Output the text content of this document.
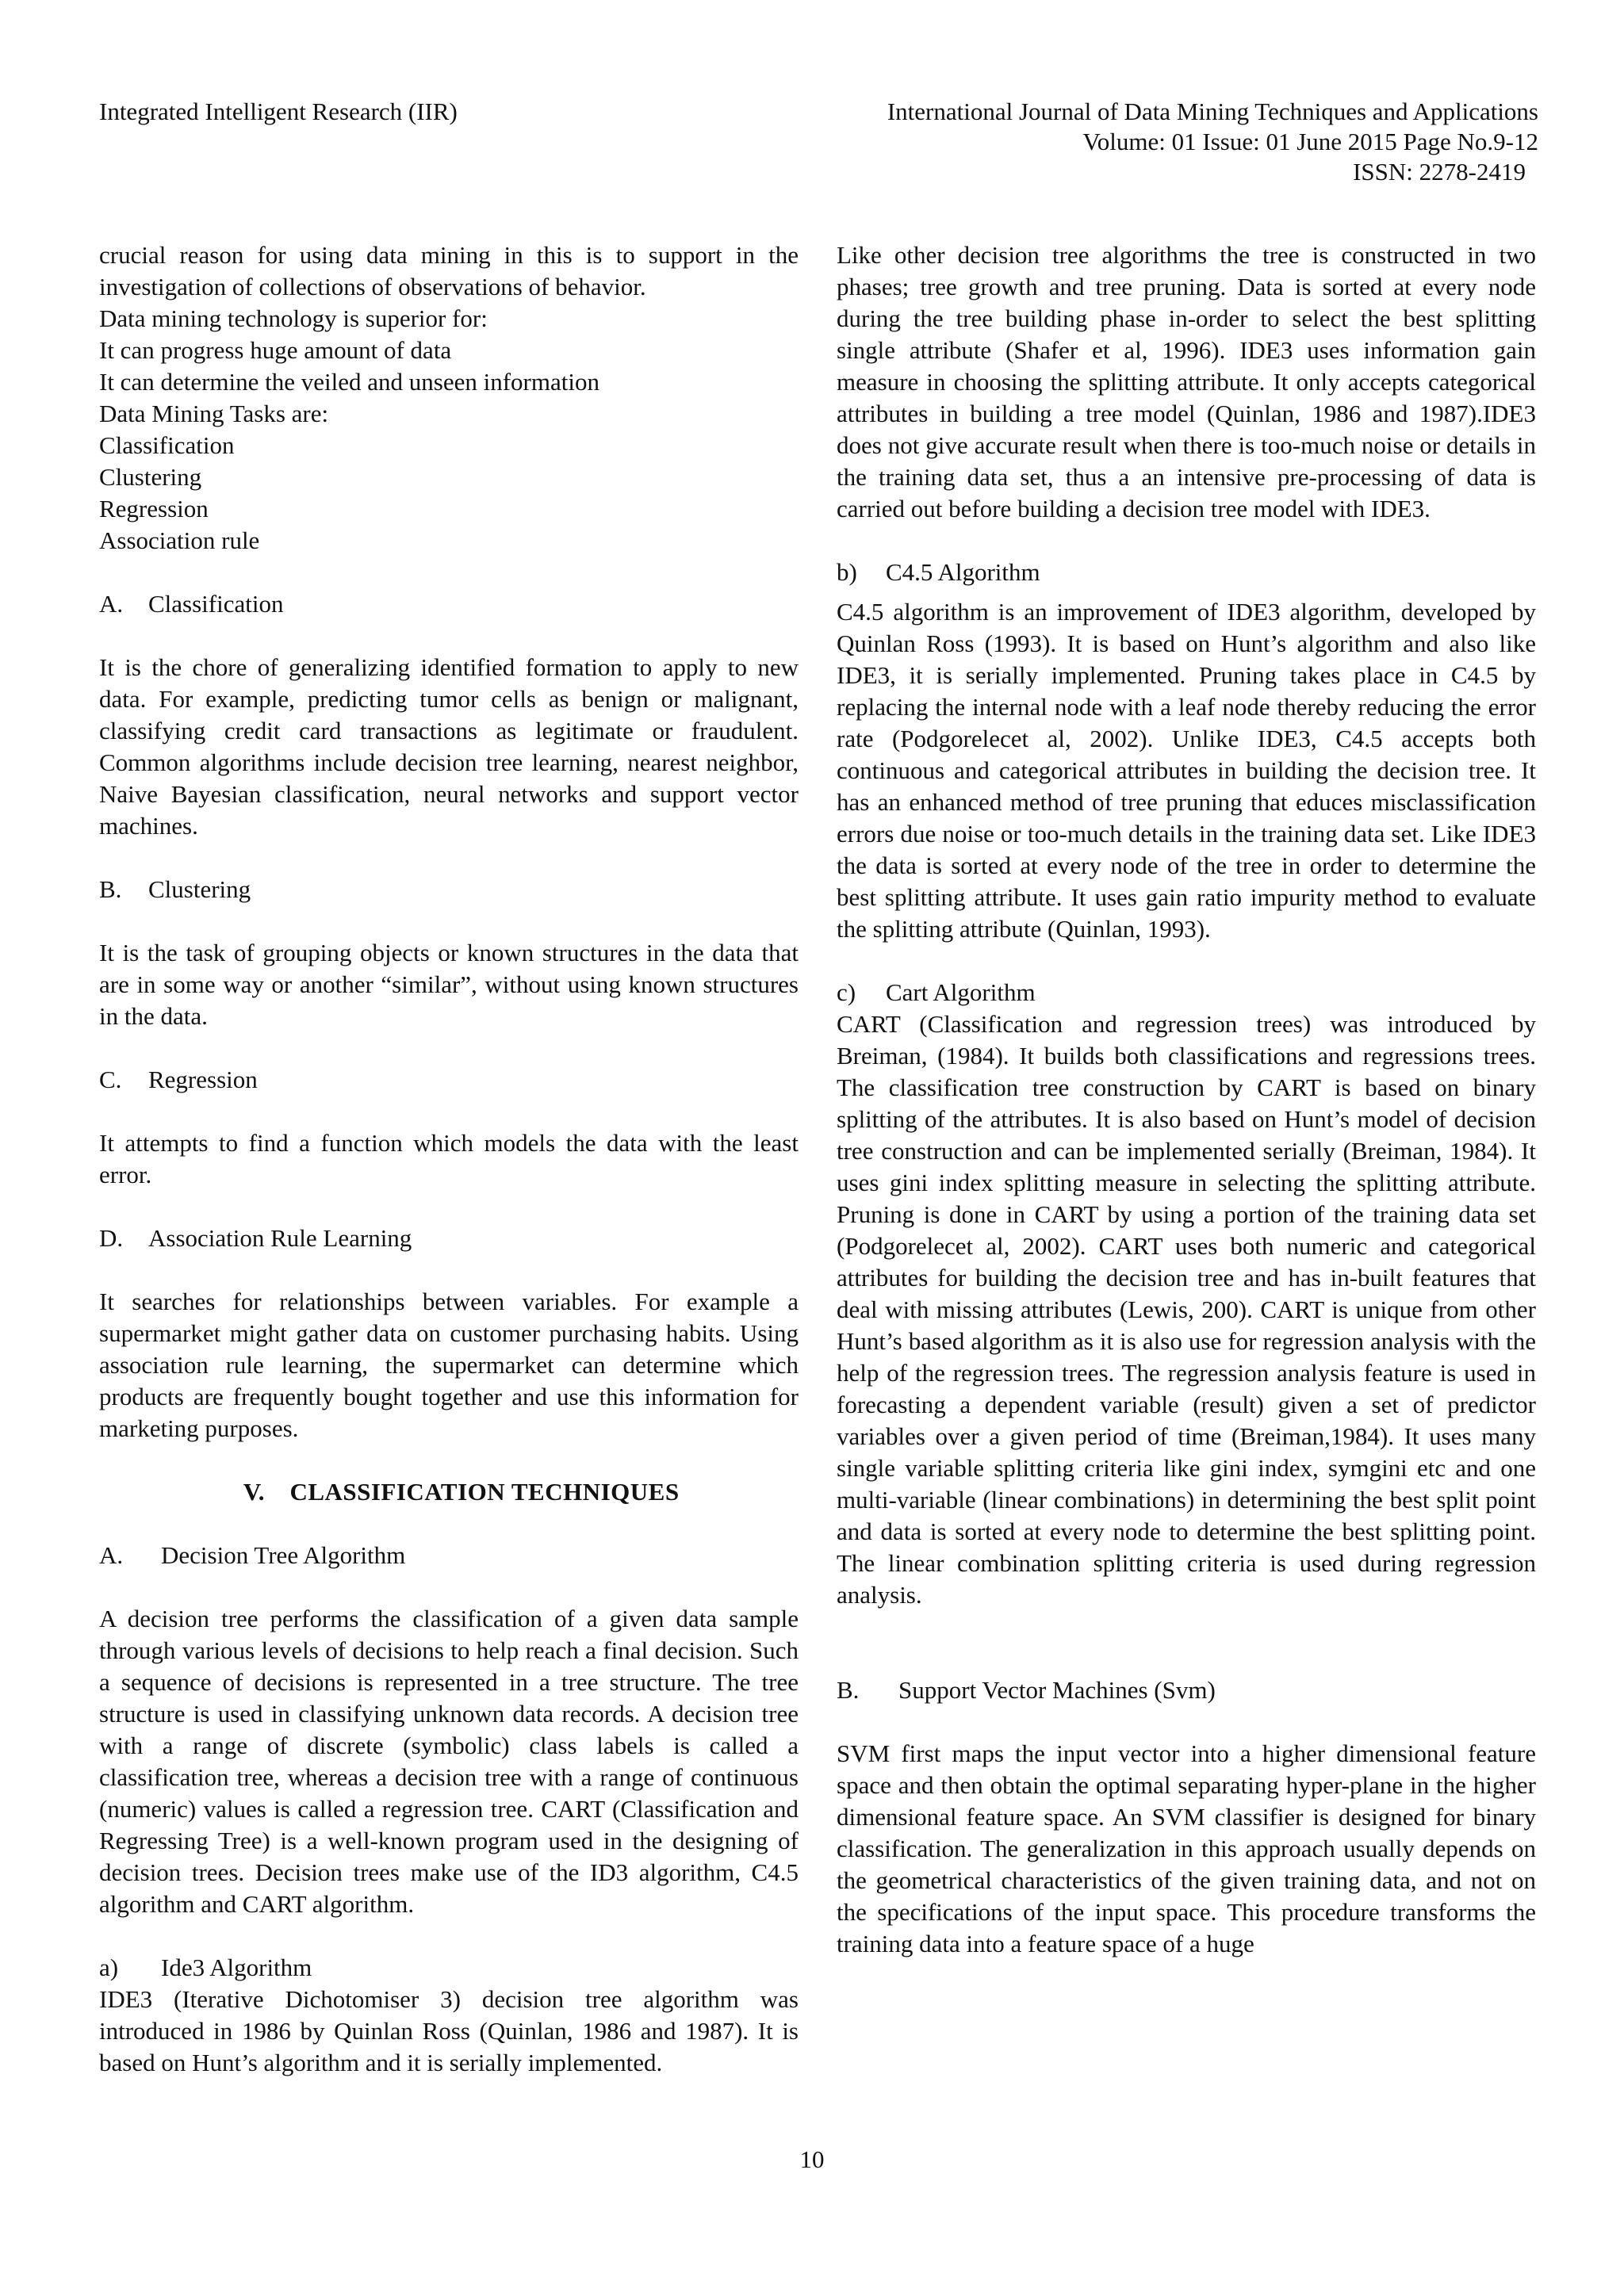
Integrated Intelligent Research (IIR)	International Journal of Data Mining Techniques and Applications
Volume: 01 Issue: 01 June 2015 Page No.9-12
ISSN: 2278-2419

crucial reason for using data mining in this is to support in the investigation of collections of observations of behavior.

Data mining technology is superior for:
It can progress huge amount of data
It can determine the veiled and unseen information
Data Mining Tasks are:
Classification
Clustering
Regression
Association rule
A. Classification

It is the chore of generalizing identified formation to apply to new data. For example, predicting tumor cells as benign or malignant, classifying credit card transactions as legitimate or fraudulent. Common algorithms include decision tree learning, nearest neighbor, Naive Bayesian classification, neural networks and support vector machines.

B. Clustering

It is the task of grouping objects or known structures in the data that are in some way or another “similar”, without using known structures in the data.

C. Regression

It attempts to find a function which models the data with the least error.

D. Association Rule Learning

It searches for relationships between variables. For example a supermarket might gather data on customer purchasing habits. Using association rule learning, the supermarket can determine which products are frequently bought together and use this information for marketing purposes.

V. CLASSIFICATION TECHNIQUES
A. Decision Tree Algorithm

A decision tree performs the classification of a given data sample through various levels of decisions to help reach a final decision. Such a sequence of decisions is represented in a tree structure. The tree structure is used in classifying unknown data records. A decision tree with a range of discrete (symbolic) class labels is called a classification tree, whereas a decision tree with a range of continuous (numeric) values is called a regression tree. CART (Classification and Regressing Tree) is a well-known program used in the designing of decision trees. Decision trees make use of the ID3 algorithm, C4.5 algorithm and CART algorithm.

a) Ide3 Algorithm

IDE3 (Iterative Dichotomiser 3) decision tree algorithm was introduced in 1986 by Quinlan Ross (Quinlan, 1986 and 1987). It is based on Hunt’s algorithm and it is serially implemented.

Like other decision tree algorithms the tree is constructed in two phases; tree growth and tree pruning. Data is sorted at every node during the tree building phase in-order to select the best splitting single attribute (Shafer et al, 1996). IDE3 uses information gain measure in choosing the splitting attribute. It only accepts categorical attributes in building a tree model (Quinlan, 1986 and 1987).IDE3 does not give accurate result when there is too-much noise or details in the training data set, thus a an intensive pre-processing of data is carried out before building a decision tree model with IDE3.

b) C4.5 Algorithm

C4.5 algorithm is an improvement of IDE3 algorithm, developed by Quinlan Ross (1993). It is based on Hunt’s algorithm and also like IDE3, it is serially implemented. Pruning takes place in C4.5 by replacing the internal node with a leaf node thereby reducing the error rate (Podgorelecet al, 2002). Unlike IDE3, C4.5 accepts both continuous and categorical attributes in building the decision tree. It has an enhanced method of tree pruning that educes misclassification errors due noise or too-much details in the training data set. Like IDE3 the data is sorted at every node of the tree in order to determine the best splitting attribute. It uses gain ratio impurity method to evaluate the splitting attribute (Quinlan, 1993).

c) Cart Algorithm

CART (Classification and regression trees) was introduced by Breiman, (1984). It builds both classifications and regressions trees. The classification tree construction by CART is based on binary splitting of the attributes. It is also based on Hunt’s model of decision tree construction and can be implemented serially (Breiman, 1984). It uses gini index splitting measure in selecting the splitting attribute. Pruning is done in CART by using a portion of the training data set (Podgorelecet al, 2002). CART uses both numeric and categorical attributes for building the decision tree and has in-built features that deal with missing attributes (Lewis, 200). CART is unique from other Hunt’s based algorithm as it is also use for regression analysis with the help of the regression trees. The regression analysis feature is used in forecasting a dependent variable (result) given a set of predictor variables over a given period of time (Breiman,1984). It uses many single variable splitting criteria like gini index, symgini etc and one multi-variable (linear combinations) in determining the best split point and data is sorted at every node to determine the best splitting point. The linear combination splitting criteria is used during regression analysis.

B. Support Vector Machines (Svm)

SVM first maps the input vector into a higher dimensional feature space and then obtain the optimal separating hyper-plane in the higher dimensional feature space. An SVM classifier is designed for binary classification. The generalization in this approach usually depends on the geometrical characteristics of the given training data, and not on the specifications of the input space. This procedure transforms the training data into a feature space of a huge

10
